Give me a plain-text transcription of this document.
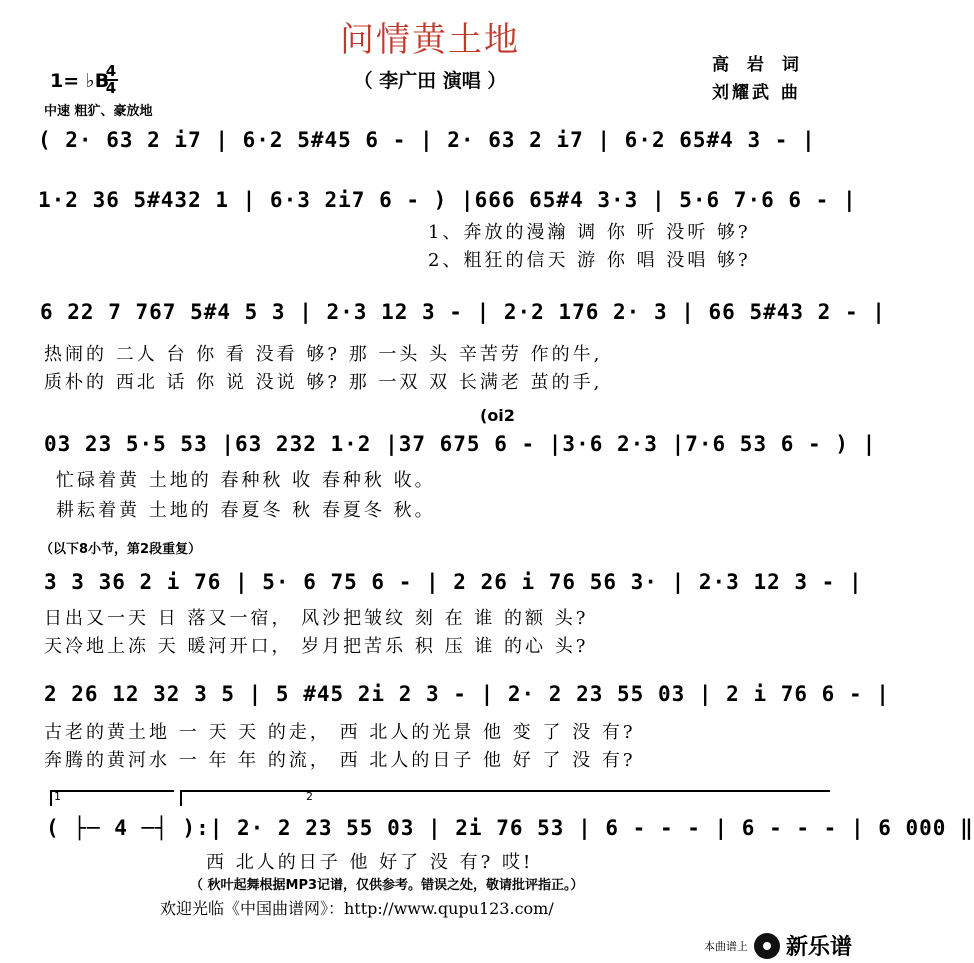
问情黄土地
（ 李广田 演唱 ）
高 岩 词
刘耀武 曲
1= ♭B
4
4
中速 粗犷、豪放地
( 2· 63 2 i7 | 6·2 5#45 6 - | 2· 63 2 i7 | 6·2 65#4 3 - |
1·2 36 5#432 1 | 6·3 2i7 6 - ) |666 65#4 3·3 | 5·6 7·6 6 - |
1、奔放的漫瀚 调 你 听 没听 够?
2、粗狂的信天 游 你 唱 没唱 够?
6 22 7 767 5#4 5 3 | 2·3 12 3 - | 2·2 176 2· 3 | 66 5#43 2 - |
热闹的 二人 台 你 看 没看 够? 那 一头 头 辛苦劳 作的牛,
质朴的 西北 话 你 说 没说 够? 那 一双 双 长满老 茧的手,
(oi2
03 23 5·5 53 |63 232 1·2 |37 675 6 - |3·6 2·3 |7·6 53 6 - ) |
忙碌着黄 土地的 春种秋 收 春种秋 收。
耕耘着黄 土地的 春夏冬 秋 春夏冬 秋。
（以下8小节，第2段重复）
3 3 36 2 i 76 | 5· 6 75 6 - | 2 26 i 76 56 3· | 2·3 12 3 - |
日出又一天 日 落又一宿， 风沙把皱纹 刻 在 谁 的额 头?
天冷地上冻 天 暖河开口， 岁月把苦乐 积 压 谁 的心 头?
2 26 12 32 3 5 | 5 #45 2i 2 3 - | 2· 2 23 55 03 | 2 i 76 6 - |
古老的黄土地 一 天 天 的走， 西 北人的光景 他 变 了 没 有?
奔腾的黄河水 一 年 年 的流， 西 北人的日子 他 好 了 没 有?
1	2
( ├─ 4 ─┤ ):| 2· 2 23 55 03 | 2i 76 53 | 6 - - - | 6 - - - | 6 000 ‖
西 北人的日子 他 好了 没 有? 哎!
（ 秋叶起舞根据MP3记谱，仅供参考。错误之处，敬请批评指正。）
欢迎光临《中国曲谱网》：http://www.qupu123.com/
本曲谱上 新乐谱
